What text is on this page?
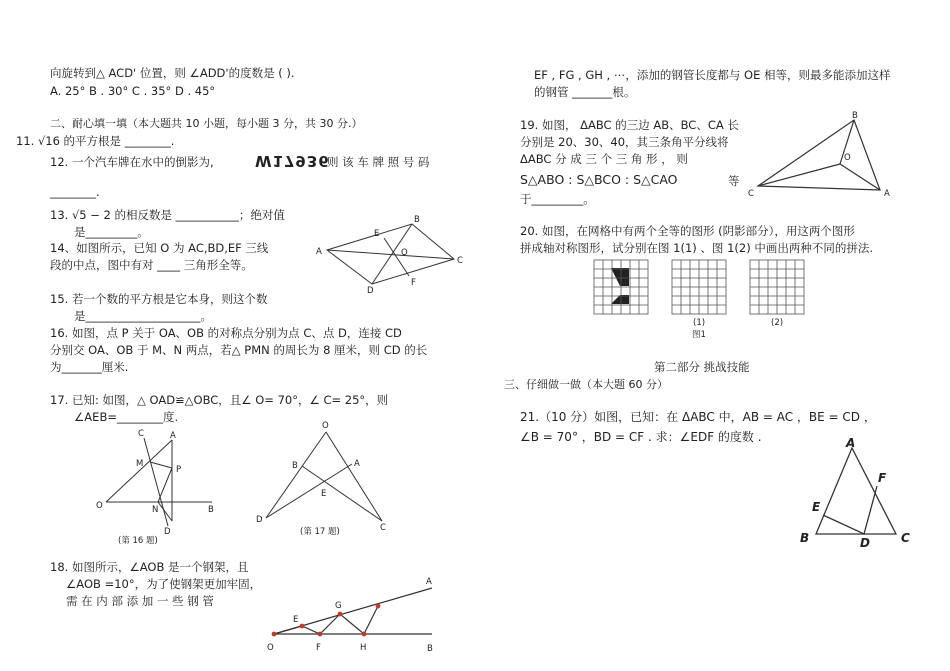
向旋转到△ ACD' 位置，则 ∠ADD'的度数是 ( ).
A. 25° B . 30° C . 35° D . 45°
二、耐心填一填（本大题共 10 小题，每小题 3 分，共 30 分.）
11. √16 的平方根是 ________.
12. 一个汽车牌在水中的倒影为,	W17936
则 该 车 牌 照 号 码
________.
13. √5 − 2 的相反数是 ___________；绝对值
是_________。
14、如图所示，已知 O 为 AC,BD,EF 三线
段的中点，图中有对 ____ 三角形全等。
A
B
C
D
E
F
O
15. 若一个数的平方根是它本身，则这个数
是____________________。
16. 如图，点 P 关于 OA、OB 的对称点分别为点 C、点 D，连接 CD
分别交 OA、OB 于 M、N 两点，若△ PMN 的周长为 8 厘米，则 CD 的长
为_______厘米.
17. 已知: 如图，△ OAD≌△OBC，且∠ O= 70°，∠ C= 25°，则
∠AEB=________度.
O
A
B
C
D
M
N
P
(第 16 题)
O
B	A
D
C
E
(第 17 题)
18. 如图所示，∠AOB 是一个钢架，且
∠AOB =10°，为了使钢架更加牢固，
需 在 内 部 添 加 一 些 钢 管
O
E
F
G
H
A
B
EF , FG , GH , ⋯，添加的钢管长度都与 OE 相等，则最多能添加这样
的钢管 _______根。
19. 如图， ΔABC 的三边 AB、BC、CA 长
分别是 20、30、40，其三条角平分线将
ΔABC 分 成 三 个 三 角 形 ， 则
S△ABO : S△BCO : S△CAO	等
于_________。
B
A
C
O
20. 如图，在网格中有两个全等的图形 (阴影部分），用这两个图形
拼成轴对称图形，试分别在图 1(1) 、图 1(2) 中画出两种不同的拼法.
(1)	(2)
图1
第二部分 挑战技能
三、仔细做一做（本大题 60 分）
21.（10 分）如图，已知：在 ΔABC 中，AB = AC ，BE = CD ，
∠B = 70° ，BD = CF . 求：∠EDF 的度数 .	A
B	C
D
E
F
